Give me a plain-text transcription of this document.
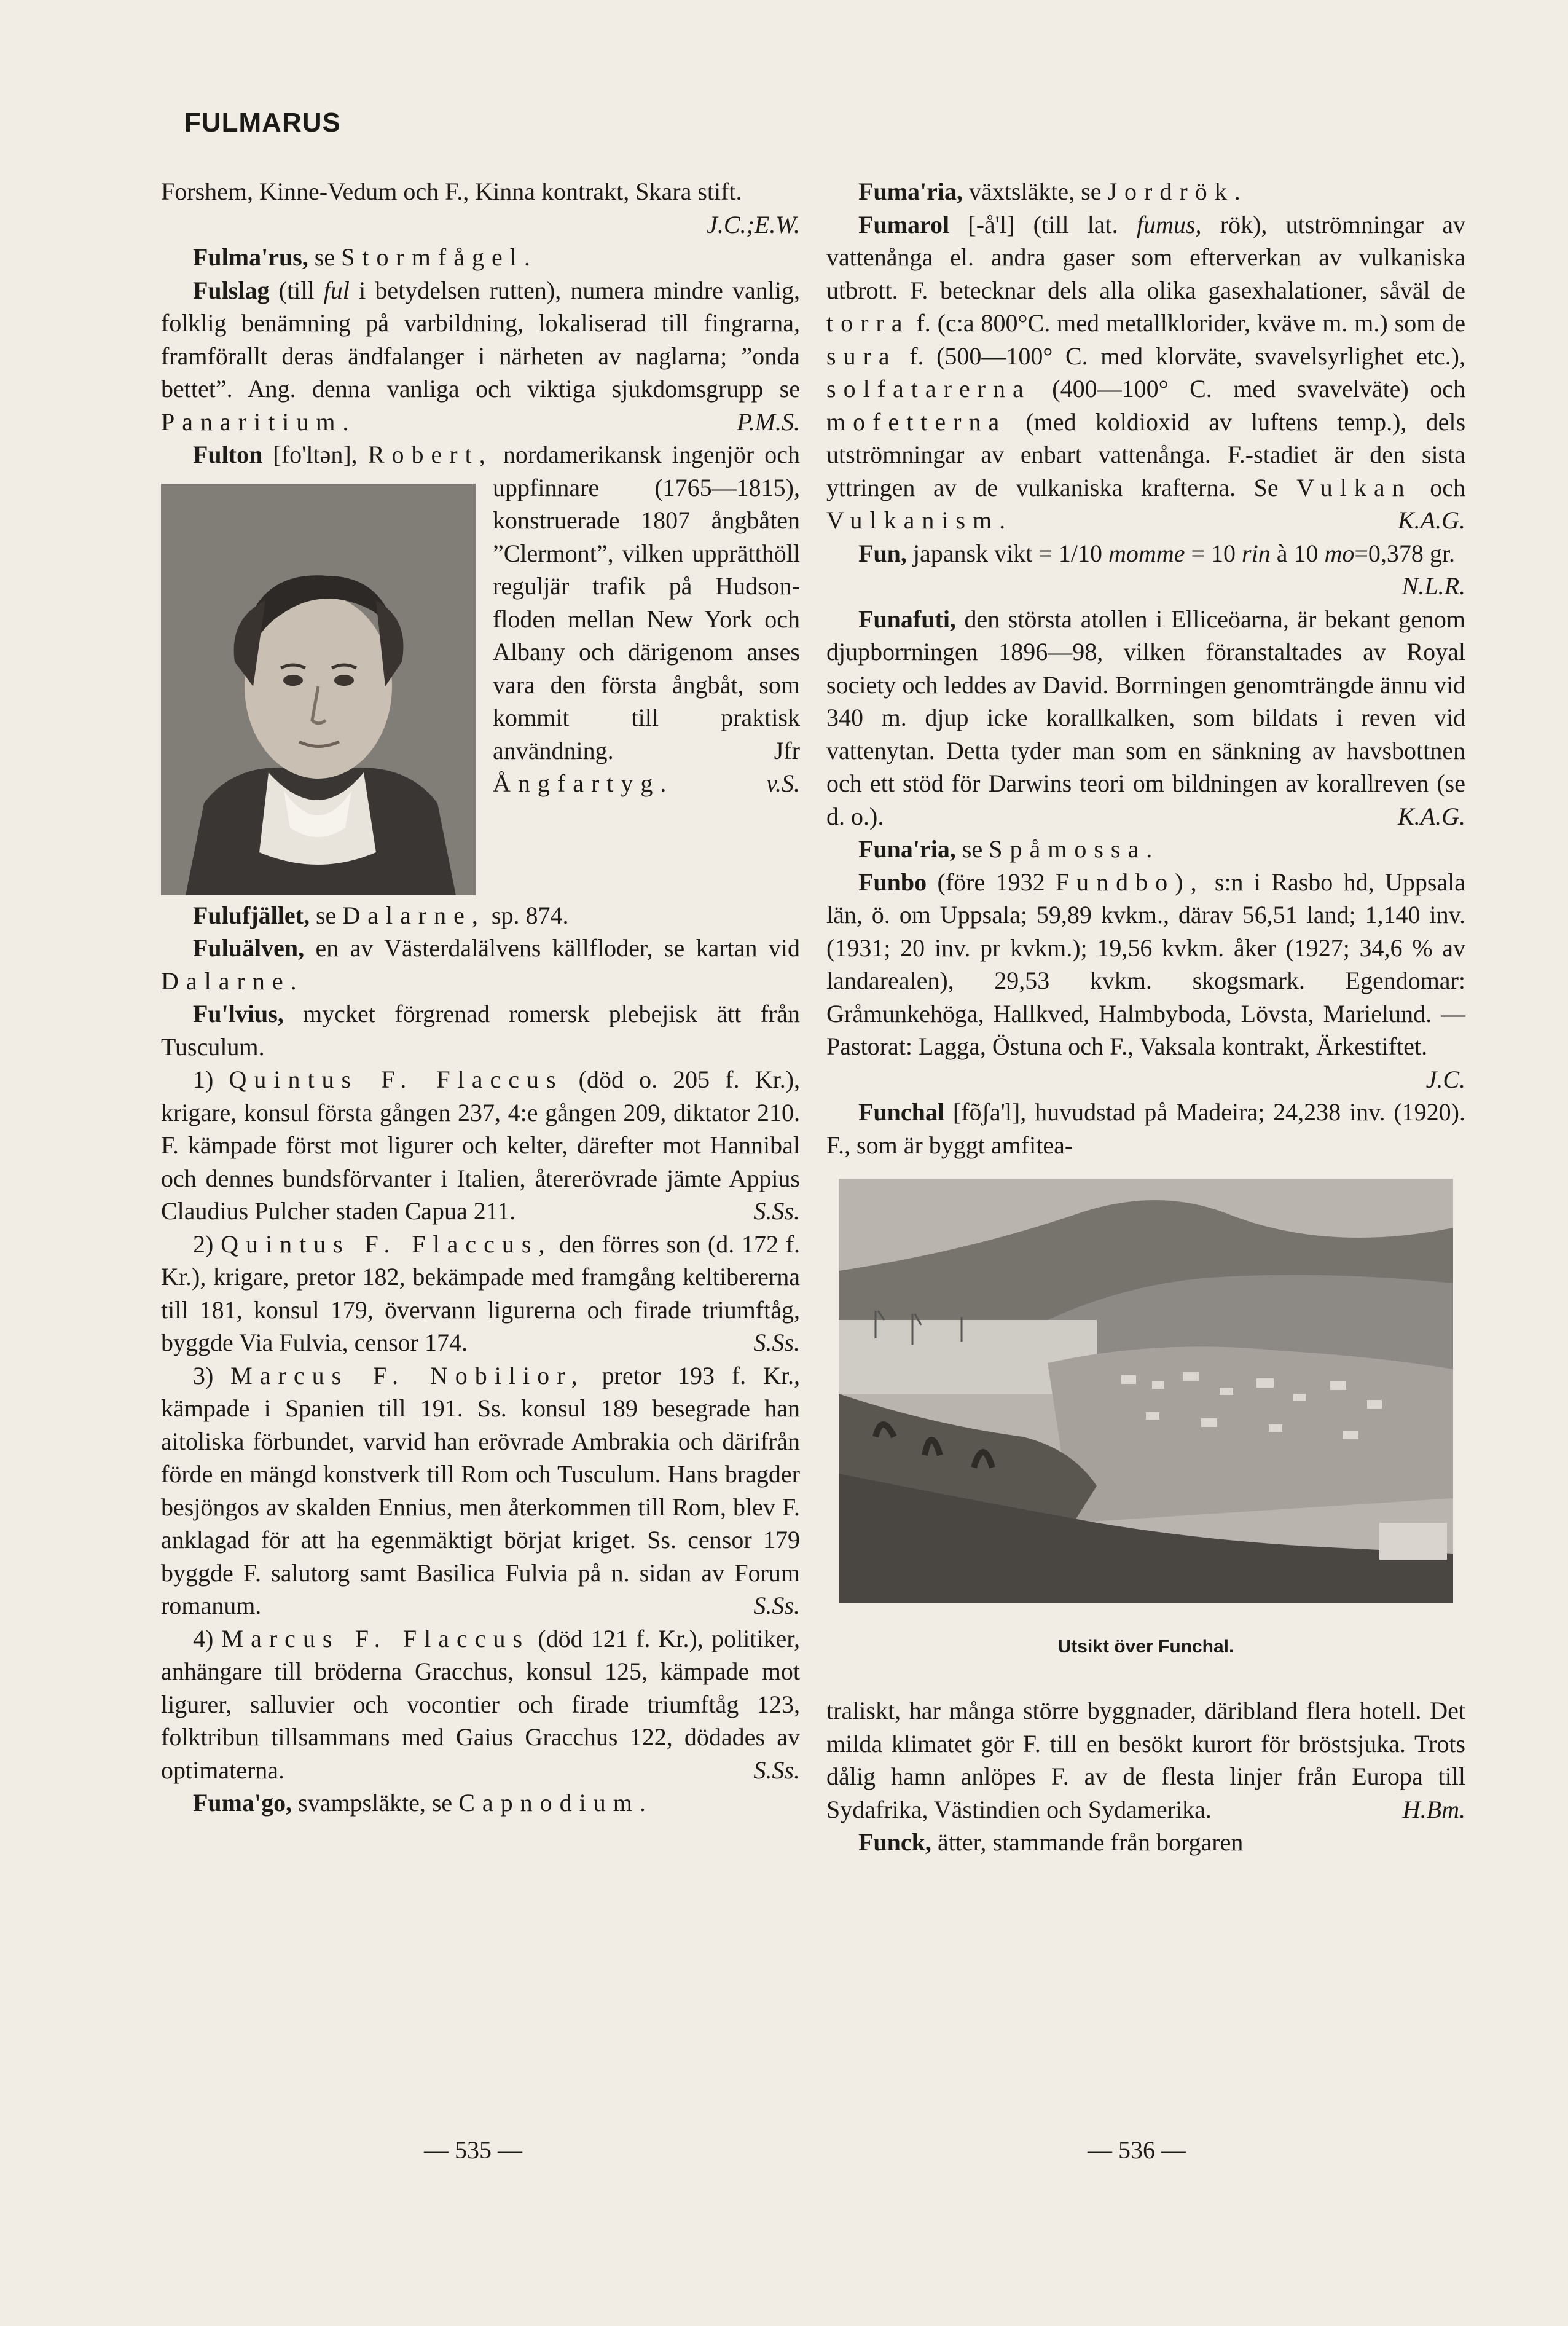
FULMARUS

Forshem, Kinne-Vedum och F., Kinna kontrakt, Skara stift.
J.C.;E.W.

Fulma'rus, se Stormfågel.

Fulslag (till ful i betydelsen rutten), numera mindre vanlig, folklig benämning på varbildning, lokaliserad till fingrarna, framförallt deras ändfalanger i närheten av naglarna; ”onda bettet”. Ang. denna vanliga och viktiga sjukdomsgrupp se Panaritium.	P.M.S.

Fulton [fo'ltən], Robert, nordamerikansk ingenjör och uppfinnare (1765—1815), konstruerade 1807 ångbåten ”Clermont”, vilken upprätthöll reguljär trafik på Hudson-floden mellan New York och Albany och därigenom anses vara den första ångbåt, som kommit till praktisk användning. Jfr Ångfartyg.	v.S.

Fulufjället, se Dalarne, sp. 874.

Fuluälven, en av Västerdalälvens källfloder, se kartan vid Dalarne.

Fu'lvius, mycket förgrenad romersk plebejisk ätt från Tusculum.

1) Quintus F. Flaccus (död o. 205 f. Kr.), krigare, konsul första gången 237, 4:e gången 209, diktator 210. F. kämpade först mot ligurer och kelter, därefter mot Hannibal och dennes bundsförvanter i Italien, återerövrade jämte Appius Claudius Pulcher staden Capua 211.	S.Ss.

2) Quintus F. Flaccus, den förres son (d. 172 f. Kr.), krigare, pretor 182, bekämpade med framgång keltibererna till 181, konsul 179, övervann ligurerna och firade triumftåg, byggde Via Fulvia, censor 174.	S.Ss.

3) Marcus F. Nobilior, pretor 193 f. Kr., kämpade i Spanien till 191. Ss. konsul 189 besegrade han aitoliska förbundet, varvid han erövrade Ambrakia och därifrån förde en mängd konstverk till Rom och Tusculum. Hans bragder besjöngos av skalden Ennius, men återkommen till Rom, blev F. anklagad för att ha egenmäktigt börjat kriget. Ss. censor 179 byggde F. salutorg samt Basilica Fulvia på n. sidan av Forum romanum.	S.Ss.

4) Marcus F. Flaccus (död 121 f. Kr.), politiker, anhängare till bröderna Gracchus, konsul 125, kämpade mot ligurer, salluvier och vocontier och firade triumftåg 123, folktribun tillsammans med Gaius Gracchus 122, dödades av optimaterna.	S.Ss.

Fuma'go, svampsläkte, se Capnodium.

Fuma'ria, växtsläkte, se Jordrök.

Fumarol [-å'l] (till lat. fumus, rök), utströmningar av vattenånga el. andra gaser som efterverkan av vulkaniska utbrott. F. betecknar dels alla olika gasexhalationer, såväl de torra f. (c:a 800°C. med metallklorider, kväve m. m.) som de sura f. (500—100° C. med klorväte, svavelsyrlighet etc.), solfatarerna (400—100° C. med svavelväte) och mofetterna (med koldioxid av luftens temp.), dels utströmningar av enbart vattenånga. F.-stadiet är den sista yttringen av de vulkaniska krafterna. Se Vulkan och Vulkanism.	K.A.G.

Fun, japansk vikt = 1/10 momme = 10 rin à 10 mo=0,378 gr.
N.L.R.

Funafuti, den största atollen i Elliceöarna, är bekant genom djupborrningen 1896—98, vilken föranstaltades av Royal society och leddes av David. Borrningen genomträngde ännu vid 340 m. djup icke korallkalken, som bildats i reven vid vattenytan. Detta tyder man som en sänkning av havsbottnen och ett stöd för Darwins teori om bildningen av korallreven (se d. o.).	K.A.G.

Funa'ria, se Spåmossa.

Funbo (före 1932 Fundbo), s:n i Rasbo hd, Uppsala län, ö. om Uppsala; 59,89 kvkm., därav 56,51 land; 1,140 inv. (1931; 20 inv. pr kvkm.); 19,56 kvkm. åker (1927; 34,6 % av landarealen), 29,53 kvkm. skogsmark. Egendomar: Gråmunkehöga, Hallkved, Halmbyboda, Lövsta, Marielund. — Pastorat: Lagga, Östuna och F., Vaksala kontrakt, Ärkestiftet.
J.C.

Funchal [fõʃa'l], huvudstad på Madeira; 24,238 inv. (1920). F., som är byggt amfitea-

Utsikt över Funchal.

traliskt, har många större byggnader, däribland flera hotell. Det milda klimatet gör F. till en besökt kurort för bröstsjuka. Trots dålig hamn anlöpes F. av de flesta linjer från Europa till Sydafrika, Västindien och Sydamerika.	H.Bm.

Funck, ätter, stammande från borgaren

— 535 —	— 536 —
